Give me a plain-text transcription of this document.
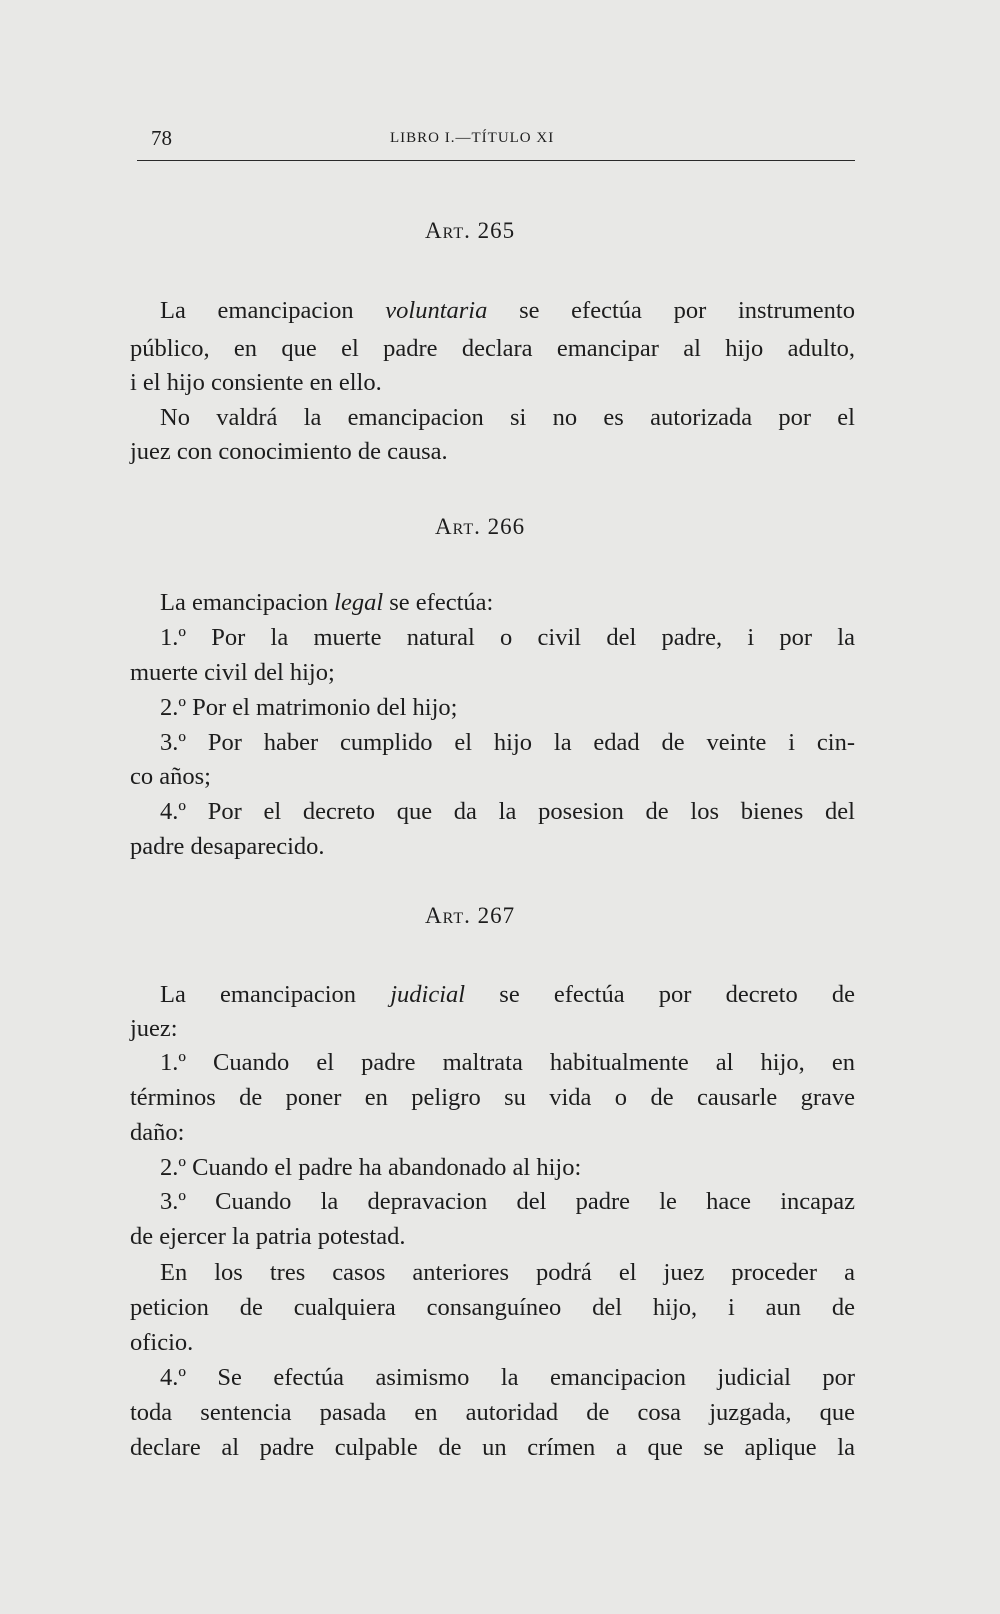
78	LIBRO I.—TÍTULO XI
Art. 265
La emancipacion voluntaria se efectúa por instrumento
público, en que el padre declara emancipar al hijo adulto,
i el hijo consiente en ello.
No valdrá la emancipacion si no es autorizada por el
juez con conocimiento de causa.
Art. 266
La emancipacion legal se efectúa:
1.º Por la muerte natural o civil del padre, i por la
muerte civil del hijo;
2.º Por el matrimonio del hijo;
3.º Por haber cumplido el hijo la edad de veinte i cin-
co años;
4.º Por el decreto que da la posesion de los bienes del
padre desaparecido.
Art. 267
La emancipacion judicial se efectúa por decreto de
juez:
1.º Cuando el padre maltrata habitualmente al hijo, en
términos de poner en peligro su vida o de causarle grave
daño:
2.º Cuando el padre ha abandonado al hijo:
3.º Cuando la depravacion del padre le hace incapaz
de ejercer la patria potestad.
En los tres casos anteriores podrá el juez proceder a
peticion de cualquiera consanguíneo del hijo, i aun de
oficio.
4.º Se efectúa asimismo la emancipacion judicial por
toda sentencia pasada en autoridad de cosa juzgada, que
declare al padre culpable de un crímen a que se aplique la
